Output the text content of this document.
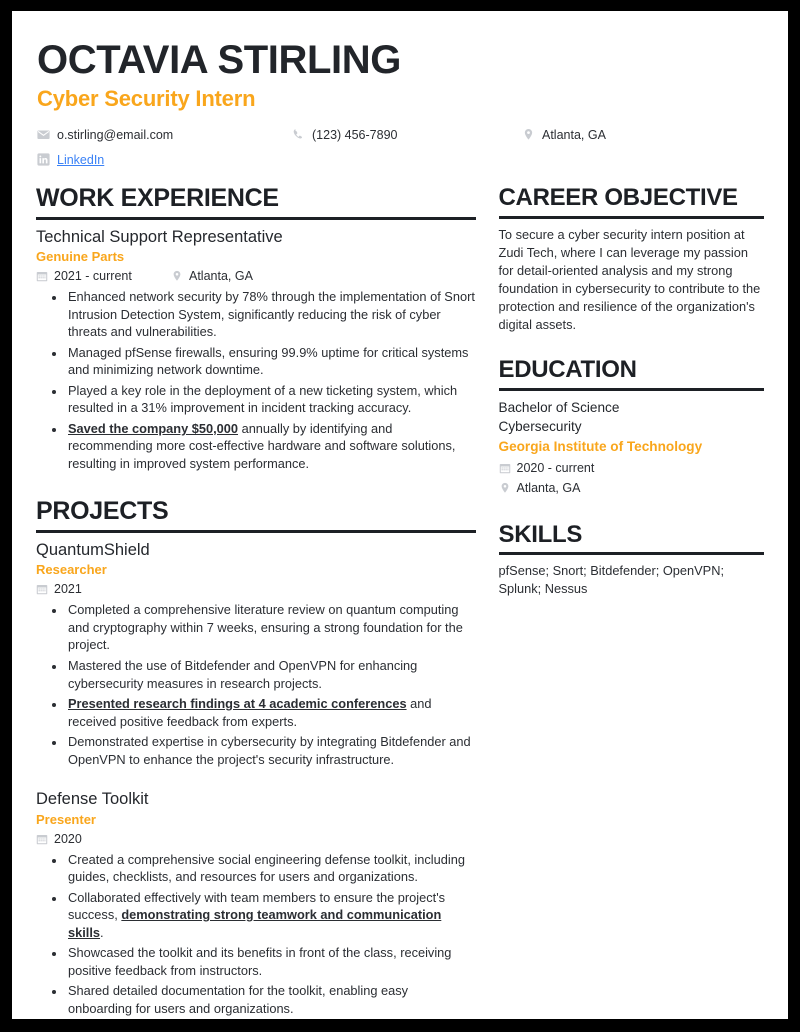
OCTAVIA STIRLING
Cyber Security Intern
o.stirling@email.com	(123) 456-7890	Atlanta, GA
LinkedIn
WORK EXPERIENCE
Technical Support Representative
Genuine Parts
2021 - current	Atlanta, GA
• Enhanced network security by 78% through the implementation of Snort Intrusion Detection System, significantly reducing the risk of cyber threats and vulnerabilities.
• Managed pfSense firewalls, ensuring 99.9% uptime for critical systems and minimizing network downtime.
• Played a key role in the deployment of a new ticketing system, which resulted in a 31% improvement in incident tracking accuracy.
• Saved the company $50,000 annually by identifying and recommending more cost-effective hardware and software solutions, resulting in improved system performance.
PROJECTS
QuantumShield
Researcher
2021
• Completed a comprehensive literature review on quantum computing and cryptography within 7 weeks, ensuring a strong foundation for the project.
• Mastered the use of Bitdefender and OpenVPN for enhancing cybersecurity measures in research projects.
• Presented research findings at 4 academic conferences and received positive feedback from experts.
• Demonstrated expertise in cybersecurity by integrating Bitdefender and OpenVPN to enhance the project's security infrastructure.
Defense Toolkit
Presenter
2020
• Created a comprehensive social engineering defense toolkit, including guides, checklists, and resources for users and organizations.
• Collaborated effectively with team members to ensure the project's success, demonstrating strong teamwork and communication skills.
• Showcased the toolkit and its benefits in front of the class, receiving positive feedback from instructors.
• Shared detailed documentation for the toolkit, enabling easy onboarding for users and organizations.
CAREER OBJECTIVE
To secure a cyber security intern position at Zudi Tech, where I can leverage my passion for detail-oriented analysis and my strong foundation in cybersecurity to contribute to the protection and resilience of the organization's digital assets.
EDUCATION
Bachelor of Science
Cybersecurity
Georgia Institute of Technology
2020 - current
Atlanta, GA
SKILLS
pfSense; Snort; Bitdefender; OpenVPN; Splunk; Nessus
